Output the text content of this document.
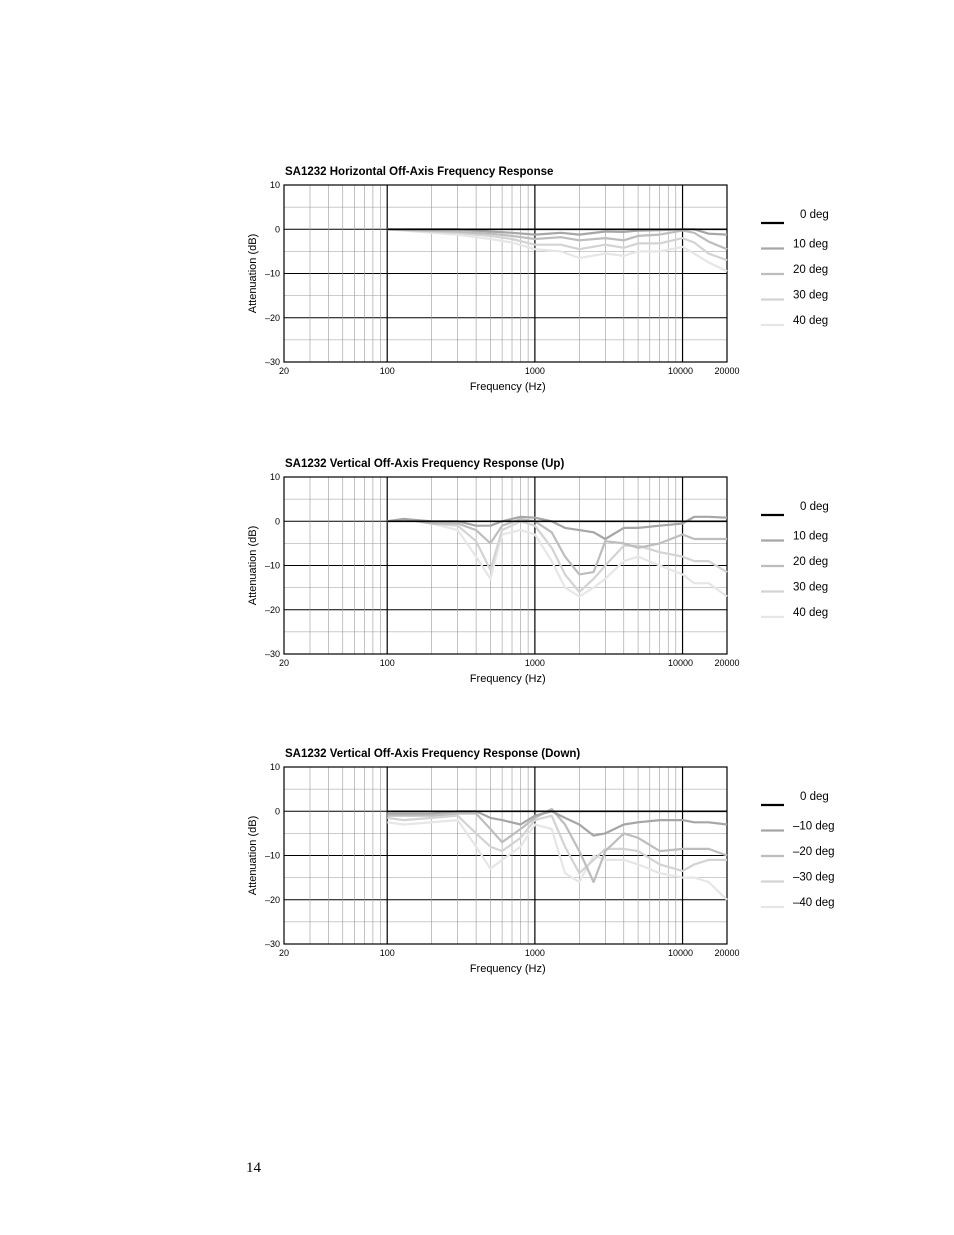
SA1232 Horizontal Off-Axis Frequency Response
10
0
–10
–20
–30
20	100	1000	10000 20000
Frequency (Hz)
Attenuation (dB)
0 deg
10 deg
20 deg
30 deg
40 deg
SA1232 Vertical Off-Axis Frequency Response (Up)
10
0
–10
–20
–30
20	100	1000	10000 20000
Frequency (Hz)
Attenuation (dB)
0 deg
10 deg
20 deg
30 deg
40 deg
SA1232 Vertical Off-Axis Frequency Response (Down)
10
0
–10
–20
–30
20	100	1000	10000 20000
Frequency (Hz)
Attenuation (dB)
0 deg
–10 deg
–20 deg
–30 deg
–40 deg
14
